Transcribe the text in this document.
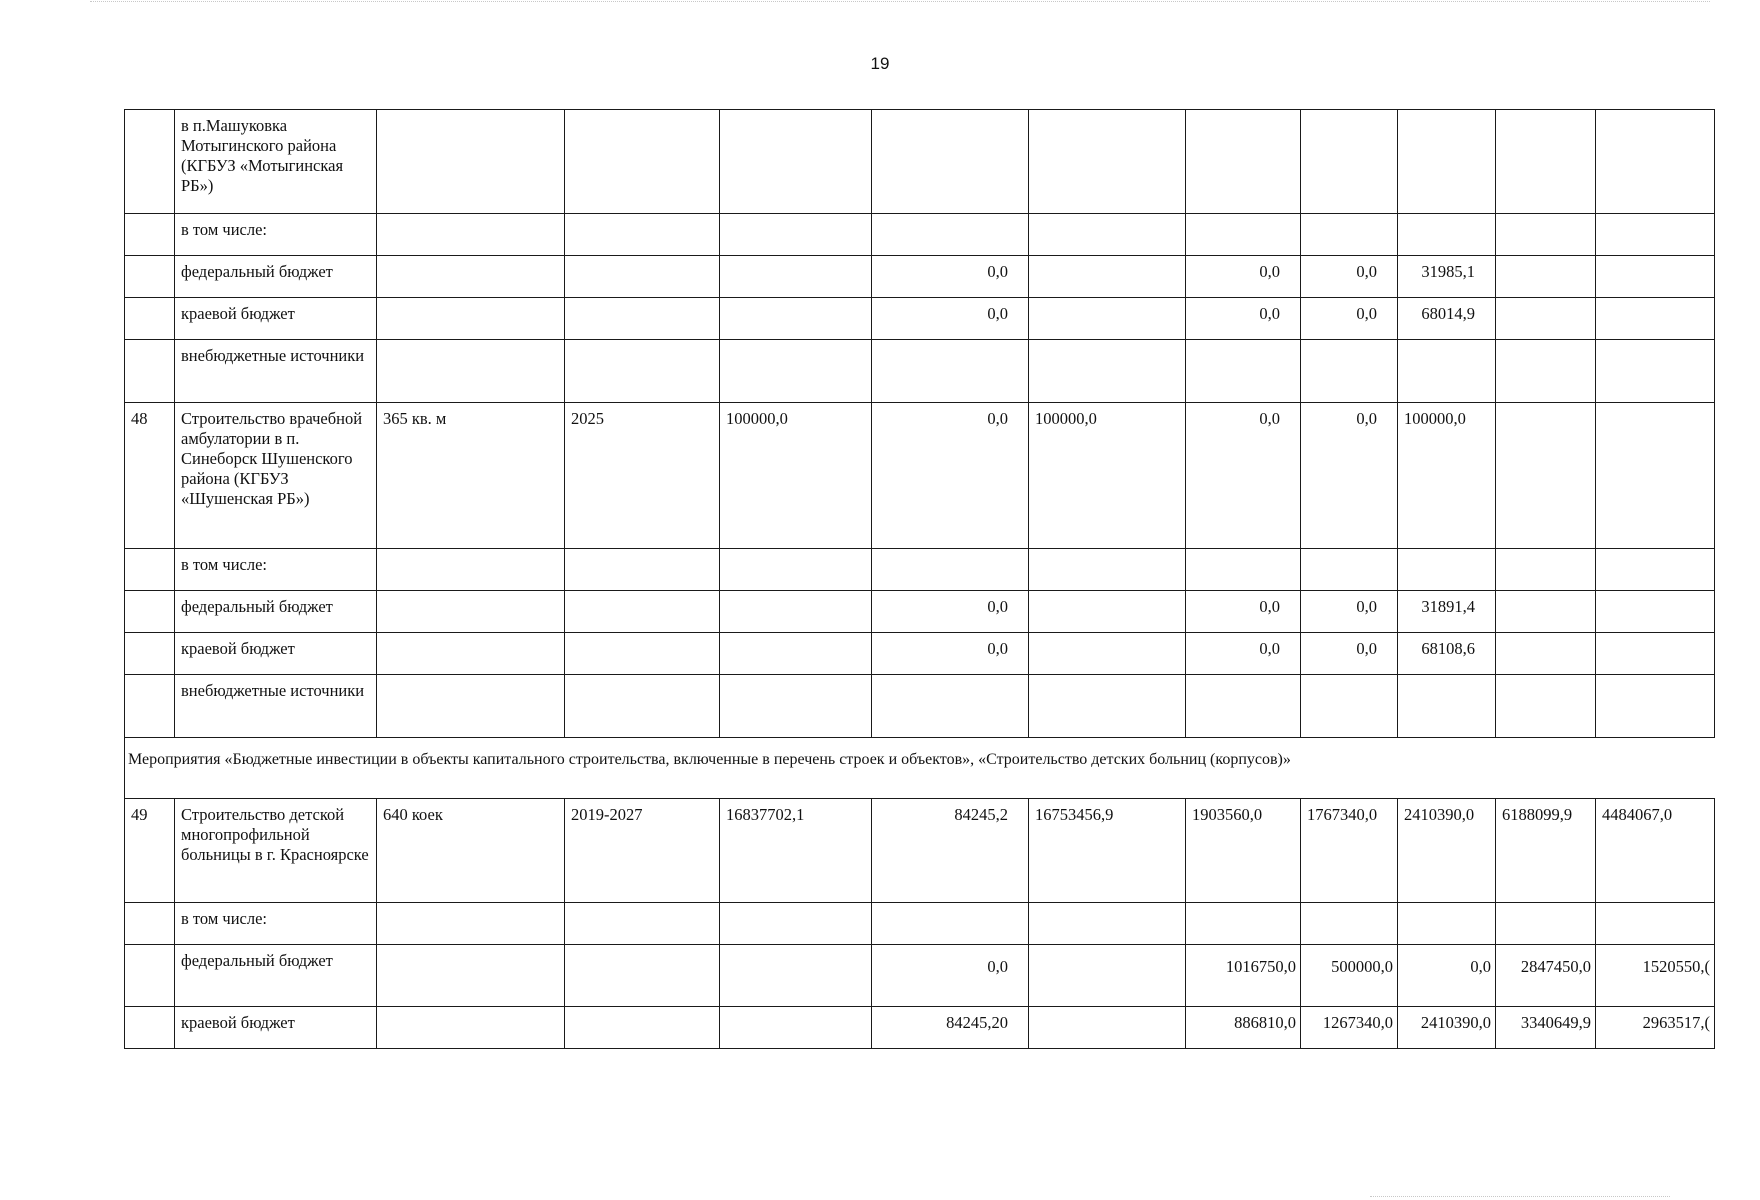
19
	в п.Машуковка Мотыгинского района (КГБУЗ «Мотыгинская РБ»)										
	в том числе:										
	федеральный бюджет				0,0		0,0	0,0	31985,1		
	краевой бюджет				0,0		0,0	0,0	68014,9		
	внебюджетные источники										
48	Строительство врачебной амбулатории в п. Синеборск Шушенского района (КГБУЗ «Шушенская РБ»)	365 кв. м	2025	100000,0	0,0	100000,0	0,0	0,0	100000,0		
	в том числе:										
	федеральный бюджет				0,0		0,0	0,0	31891,4		
	краевой бюджет				0,0		0,0	0,0	68108,6		
	внебюджетные источники										
Мероприятия «Бюджетные инвестиции в объекты капитального строительства, включенные в перечень строек и объектов», «Строительство детских больниц (корпусов)»											
49	Строительство детской многопрофильной больницы в г. Красноярске	640 коек	2019-2027	16837702,1	84245,2	16753456,9	1903560,0	1767340,0	2410390,0	6188099,9	4484067,0
	в том числе:										
	федеральный бюджет				0,0		1016750,0	500000,0	0,0	2847450,0	1520550,(
	краевой бюджет				84245,20		886810,0	1267340,0	2410390,0	3340649,9	2963517,(
